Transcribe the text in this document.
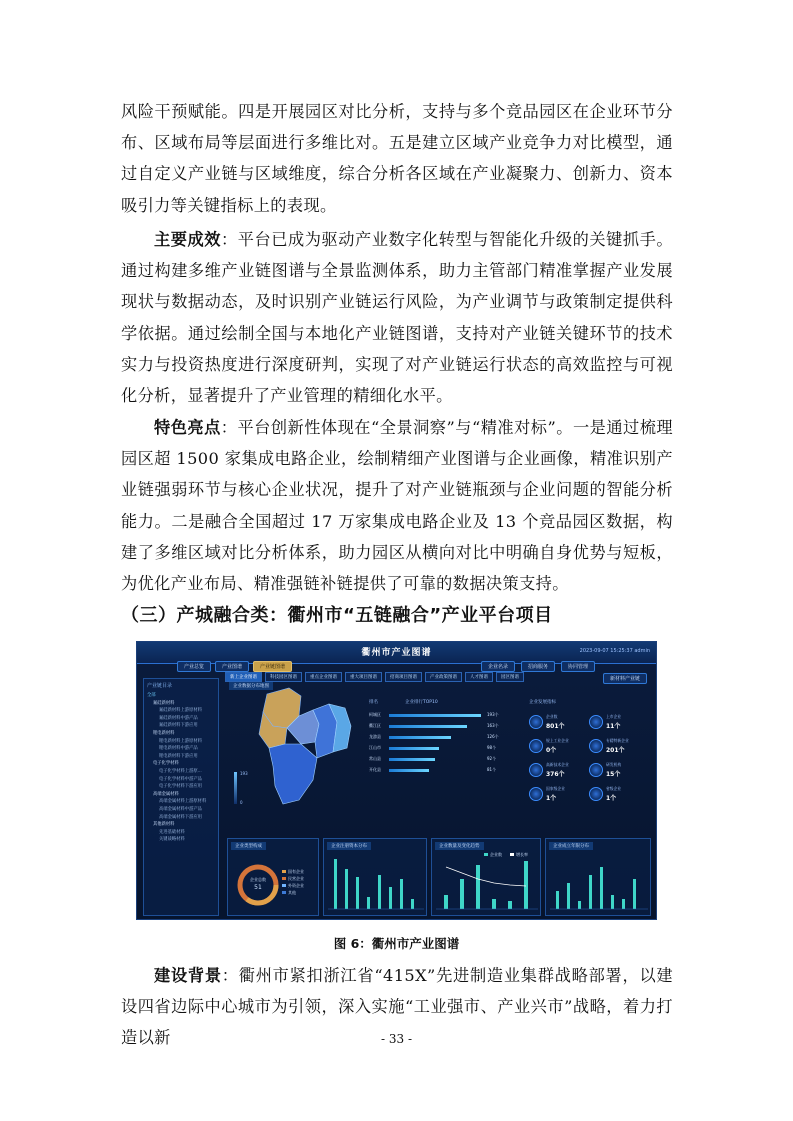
风险干预赋能。四是开展园区对比分析，支持与多个竞品园区在企业环节分布、区域布局等层面进行多维比对。五是建立区域产业竞争力对比模型，通过自定义产业链与区域维度，综合分析各区域在产业凝聚力、创新力、资本吸引力等关键指标上的表现。

主要成效：平台已成为驱动产业数字化转型与智能化升级的关键抓手。通过构建多维产业链图谱与全景监测体系，助力主管部门精准掌握产业发展现状与数据动态，及时识别产业链运行风险，为产业调节与政策制定提供科学依据。通过绘制全国与本地化产业链图谱，支持对产业链关键环节的技术实力与投资热度进行深度研判，实现了对产业链运行状态的高效监控与可视化分析，显著提升了产业管理的精细化水平。

特色亮点：平台创新性体现在“全景洞察”与“精准对标”。一是通过梳理园区超 1500 家集成电路企业，绘制精细产业图谱与企业画像，精准识别产业链强弱环节与核心企业状况，提升了对产业链瓶颈与企业问题的智能分析能力。二是融合全国超过 17 万家集成电路企业及 13 个竞品园区数据，构建了多维区域对比分析体系，助力园区从横向对比中明确自身优势与短板，为优化产业布局、精准强链补链提供了可靠的数据决策支持。

（三）产城融合类：衢州市“五链融合”产业平台项目
衢州市产业图谱	2023-09-07 15:25:37 admin
产业总览	产业图谱	产业链图谱	企业名录	招商服务	协同管理
新上企业图谱	科技园区图谱	重点企业图谱	重大项目图谱	招商项目图谱	产业政策图谱	人才图谱	园区图谱	新材料产业链
产业链目录
全部
氟硅新材料
氟硅新材料上游原材料
氟硅新材料中游产品
氟硅新材料下游应用
锂电新材料
锂电新材料上游原材料
锂电新材料中游产品
锂电新材料下游应用
电子化学材料
电子化学材料上游原...
电子化学材料中游产品
电子化学材料下游应用
高端金属材料
高端金属材料上游原材料
高端金属材料中游产品
高端金属材料下游应用
其他新材料
先进基础材料
关键战略材料
企业数据分布地图
193
0
排名	企业排行TOP10
柯城区	193个
衢江区	163个
龙游县	126个
江山市	98个
常山县	92个
开化县	81个
企业发展指标
企业数
801个
上市企业
11个
规上工业企业
0个
专精特新企业
201个
高新技术企业
376个
研发机构
15个
国家级企业
1个
省级企业
1个
企业类型构成
企业总数
51
国有企业
民营企业
外资企业
其他
企业注册资本分布	企业数量及变化趋势
企业数	增长率
企业成立年限分布
图 6：衢州市产业图谱

建设背景：衢州市紧扣浙江省“415X”先进制造业集群战略部署，以建设四省边际中心城市为引领，深入实施“工业强市、产业兴市”战略，着力打造以新	- 33 -
